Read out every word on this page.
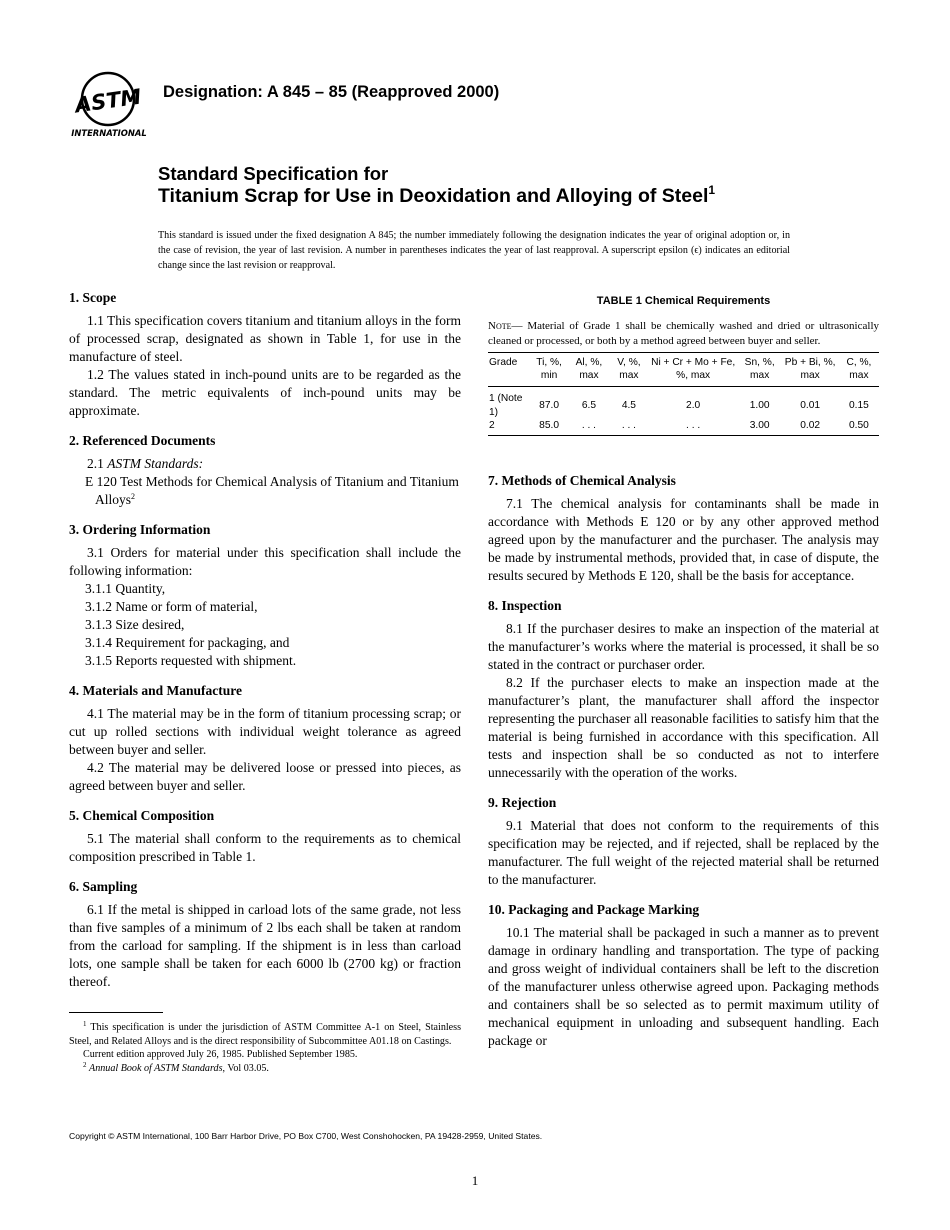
ASTM
INTERNATIONAL
Designation: A 845 – 85 (Reapproved 2000)
Standard Specification for
Titanium Scrap for Use in Deoxidation and Alloying of Steel$^1$
This standard is issued under the fixed designation A 845; the number immediately following the designation indicates the year of original adoption or, in the case of revision, the year of last revision. A number in parentheses indicates the year of last reapproval. A superscript epsilon (ϵ) indicates an editorial change since the last revision or reapproval.
1. Scope

1.1 This specification covers titanium and titanium alloys in the form of processed scrap, designated as shown in Table 1, for use in the manufacture of steel.

1.2 The values stated in inch-pound units are to be regarded as the standard. The metric equivalents of inch-pound units may be approximate.

2. Referenced Documents

2.1 ASTM Standards:

E 120 Test Methods for Chemical Analysis of Titanium and Titanium Alloys$^2$

3. Ordering Information

3.1 Orders for material under this specification shall include the following information:

3.1.1 Quantity,

3.1.2 Name or form of material,

3.1.3 Size desired,

3.1.4 Requirement for packaging, and

3.1.5 Reports requested with shipment.

4. Materials and Manufacture

4.1 The material may be in the form of titanium processing scrap; or cut up rolled sections with individual weight tolerance as agreed between buyer and seller.

4.2 The material may be delivered loose or pressed into pieces, as agreed between buyer and seller.

5. Chemical Composition

5.1 The material shall conform to the requirements as to chemical composition prescribed in Table 1.

6. Sampling

6.1 If the metal is shipped in carload lots of the same grade, not less than five samples of a minimum of 2 lbs each shall be taken at random from the carload for sampling. If the shipment is in less than carload lots, one sample shall be taken for each 6000 lb (2700 kg) or fraction thereof.

TABLE 1 Chemical Requirements
Note— Material of Grade 1 shall be chemically washed and dried or ultrasonically cleaned or processed, or both by a method agreed between buyer and seller.
Grade	Ti, %, min	Al, %, max	V, %, max	Ni + Cr + Mo + Fe, %, max	Sn, %, max	Pb + Bi, %, max	C, %, max
1 (Note 1)	87.0	6.5	4.5	2.0	1.00	0.01	0.15
2	85.0	. . .	. . .	. . .	3.00	0.02	0.50
7. Methods of Chemical Analysis

7.1 The chemical analysis for contaminants shall be made in accordance with Methods E 120 or by any other approved method agreed upon by the manufacturer and the purchaser. The analysis may be made by instrumental methods, provided that, in case of dispute, the results secured by Methods E 120, shall be the basis for acceptance.

8. Inspection

8.1 If the purchaser desires to make an inspection of the material at the manufacturer’s works where the material is processed, it shall be so stated in the contract or purchaser order.

8.2 If the purchaser elects to make an inspection made at the manufacturer’s plant, the manufacturer shall afford the inspector representing the purchaser all reasonable facilities to satisfy him that the material is being furnished in accordance with this specification. All tests and inspection shall be so conducted as not to interfere unnecessarily with the operation of the works.

9. Rejection

9.1 Material that does not conform to the requirements of this specification may be rejected, and if rejected, shall be replaced by the manufacturer. The full weight of the rejected material shall be returned to the manufacturer.

10. Packaging and Package Marking

10.1 The material shall be packaged in such a manner as to prevent damage in ordinary handling and transportation. The type of packing and gross weight of individual containers shall be left to the discretion of the manufacturer unless otherwise agreed upon. Packaging methods and containers shall be so selected as to permit maximum utility of mechanical equipment in unloading and subsequent handling. Each package or

$^1$ This specification is under the jurisdiction of ASTM Committee A-1 on Steel, Stainless Steel, and Related Alloys and is the direct responsibility of Subcommittee A01.18 on Castings.

Current edition approved July 26, 1985. Published September 1985.

$^2$ Annual Book of ASTM Standards, Vol 03.05.

Copyright © ASTM International, 100 Barr Harbor Drive, PO Box C700, West Conshohocken, PA 19428-2959, United States.
1
